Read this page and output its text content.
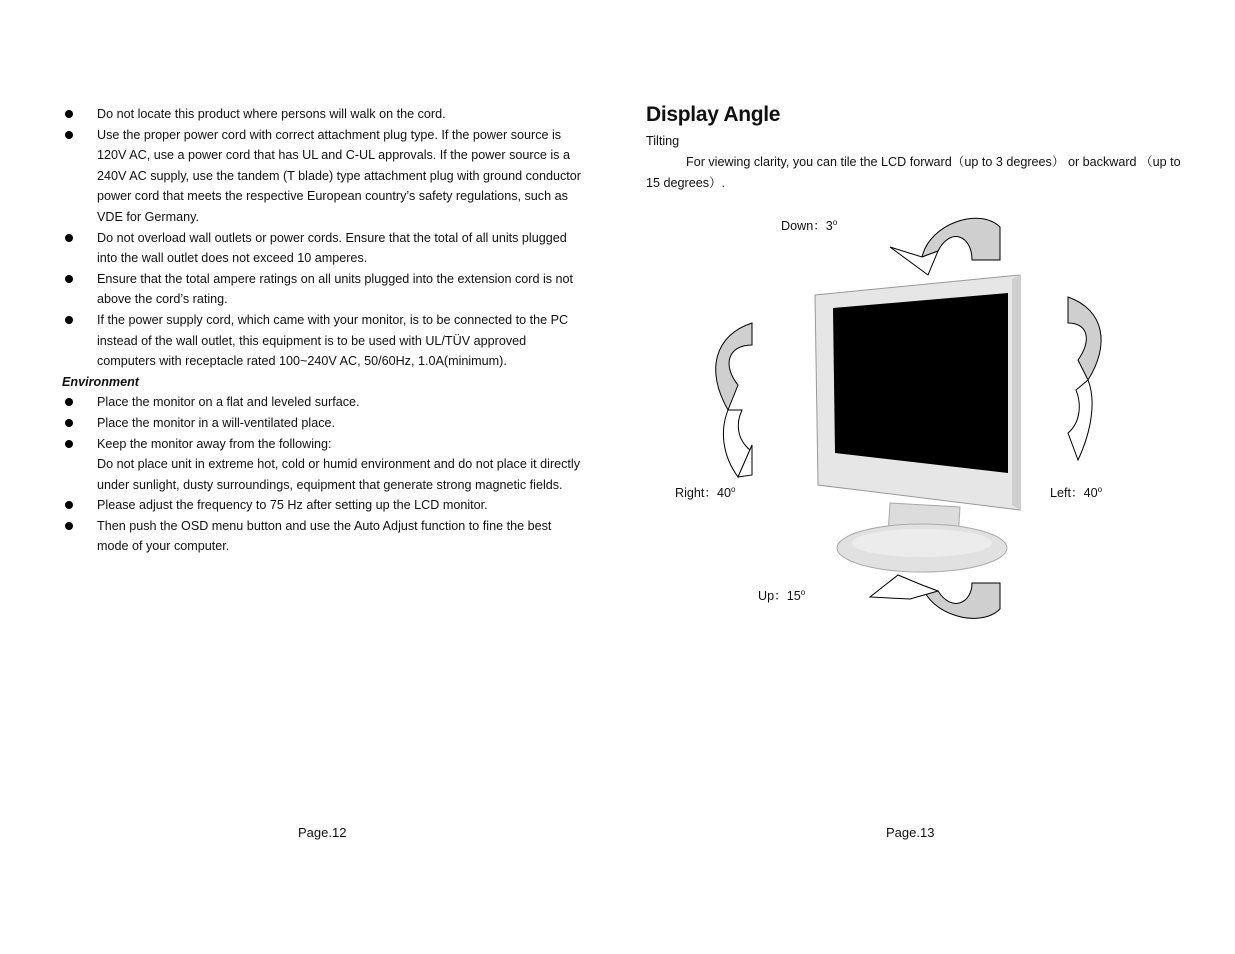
Do not locate this product where persons will walk on the cord.
Use the proper power cord with correct attachment plug type. If the power source is 120V AC, use a power cord that has UL and C-UL approvals. If the power source is a 240V AC supply, use the tandem (T blade) type attachment plug with ground conductor power cord that meets the respective European country’s safety regulations, such as VDE for Germany.
Do not overload wall outlets or power cords. Ensure that the total of all units plugged into the wall outlet does not exceed 10 amperes.
Ensure that the total ampere ratings on all units plugged into the extension cord is not above the cord’s rating.
If the power supply cord, which came with your monitor, is to be connected to the PC instead of the wall outlet, this equipment is to be used with UL/TÜV approved computers with receptacle rated 100~240V AC, 50/60Hz, 1.0A(minimum).
Environment
Place the monitor on a flat and leveled surface.
Place the monitor in a will-ventilated place.
Keep the monitor away from the following:
Do not place unit in extreme hot, cold or humid environment and do not place it directly under sunlight, dusty surroundings, equipment that generate strong magnetic fields.
Please adjust the frequency to 75 Hz after setting up the LCD monitor.
Then push the OSD menu button and use the Auto Adjust function to fine the best mode of your computer.
Page.12
Display Angle
Tilting
For viewing clarity, you can tile the LCD forward（up to 3 degrees） or backward （up to 15 degrees）.
Down：3$^o$
Up：15$^o$
Right：40$^o$	Left：40$^o$
Page.13
